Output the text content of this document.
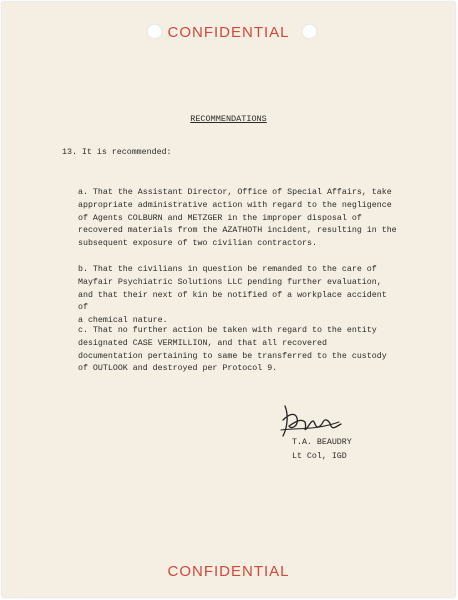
CONFIDENTIAL
RECOMMENDATIONS
13. It is recommended:
a. That the Assistant Director, Office of Special Affairs, take
appropriate administrative action with regard to the negligence
of Agents COLBURN and METZGER in the improper disposal of
recovered materials from the AZATHOTH incident, resulting in the
subsequent exposure of two civilian contractors.
b. That the civilians in question be remanded to the care of
Mayfair Psychiatric Solutions LLC pending further evaluation,
and that their next of kin be notified of a workplace accident of
a chemical nature.
c. That no further action be taken with regard to the entity
designated CASE VERMILLION, and that all recovered
documentation pertaining to same be transferred to the custody
of OUTLOOK and destroyed per Protocol 9.
T.A. BEAUDRY
Lt Col, IGD
CONFIDENTIAL
